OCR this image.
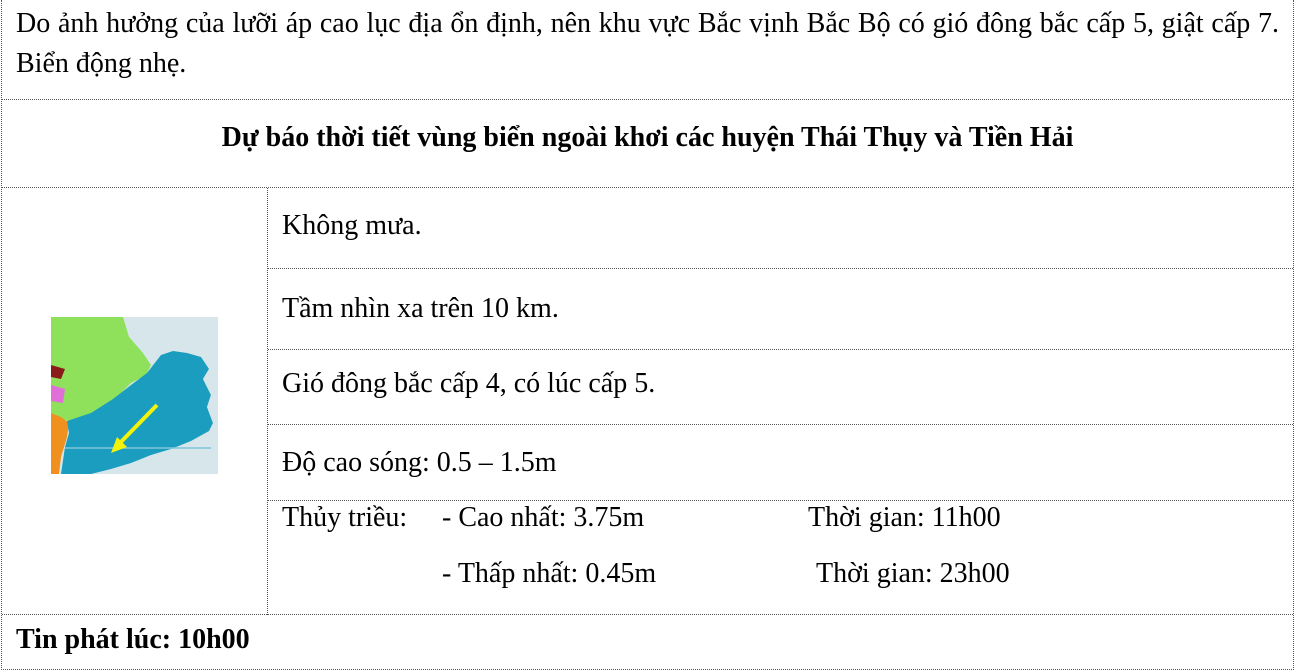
Do ảnh hưởng của lưỡi áp cao lục địa ổn định, nên khu vực Bắc vịnh Bắc Bộ có gió đông bắc cấp 5, giật cấp 7. Biển động nhẹ.
Dự báo thời tiết vùng biển ngoài khơi các huyện Thái Thụy và Tiền Hải
Không mưa.
Tầm nhìn xa trên 10 km.
Gió đông bắc cấp 4, có lúc cấp 5.
Độ cao sóng: 0.5 – 1.5m
Thủy triều: - Cao nhất: 3.75m	Thời gian: 11h00
- Thấp nhất: 0.45m	Thời gian: 23h00
Tin phát lúc: 10h00
